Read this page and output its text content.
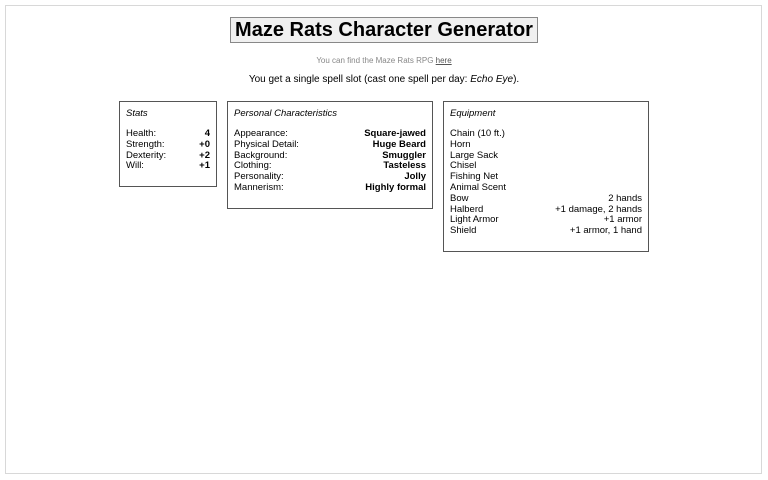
Maze Rats Character Generator
You can find the Maze Rats RPG here
You get a single spell slot (cast one spell per day: Echo Eye).
Stats
Health:	4
Strength:	+0
Dexterity:	+2
Will:	+1
Personal Characteristics
Appearance:	Square-jawed
Physical Detail:	Huge Beard
Background:	Smuggler
Clothing:	Tasteless
Personality:	Jolly
Mannerism:	Highly formal
Equipment
Chain (10 ft.)
Horn
Large Sack
Chisel
Fishing Net
Animal Scent
Bow	2 hands
Halberd	+1 damage, 2 hands
Light Armor	+1 armor
Shield	+1 armor, 1 hand
